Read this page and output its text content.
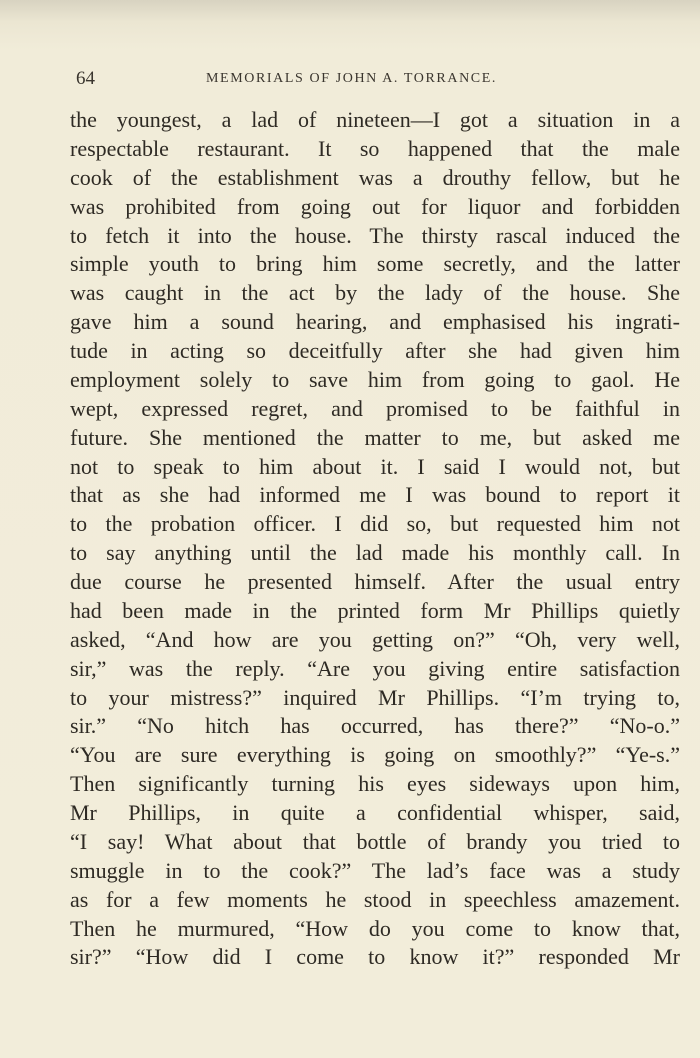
64	MEMORIALS OF JOHN A. TORRANCE.
the youngest, a lad of nineteen—I got a situation in a
respectable restaurant. It so happened that the male
cook of the establishment was a drouthy fellow, but he
was prohibited from going out for liquor and forbidden
to fetch it into the house. The thirsty rascal induced the
simple youth to bring him some secretly, and the latter
was caught in the act by the lady of the house. She
gave him a sound hearing, and emphasised his ingrati-
tude in acting so deceitfully after she had given him
employment solely to save him from going to gaol. He
wept, expressed regret, and promised to be faithful in
future. She mentioned the matter to me, but asked me
not to speak to him about it. I said I would not, but
that as she had informed me I was bound to report it
to the probation officer. I did so, but requested him not
to say anything until the lad made his monthly call. In
due course he presented himself. After the usual entry
had been made in the printed form Mr Phillips quietly
asked, “And how are you getting on?” “Oh, very well,
sir,” was the reply. “Are you giving entire satisfaction
to your mistress?” inquired Mr Phillips. “I’m trying to,
sir.” “No hitch has occurred, has there?” “No-o.”
“You are sure everything is going on smoothly?” “Ye-s.”
Then significantly turning his eyes sideways upon him,
Mr Phillips, in quite a confidential whisper, said,
“I say! What about that bottle of brandy you tried to
smuggle in to the cook?” The lad’s face was a study
as for a few moments he stood in speechless amazement.
Then he murmured, “How do you come to know that,
sir?” “How did I come to know it?” responded Mr
